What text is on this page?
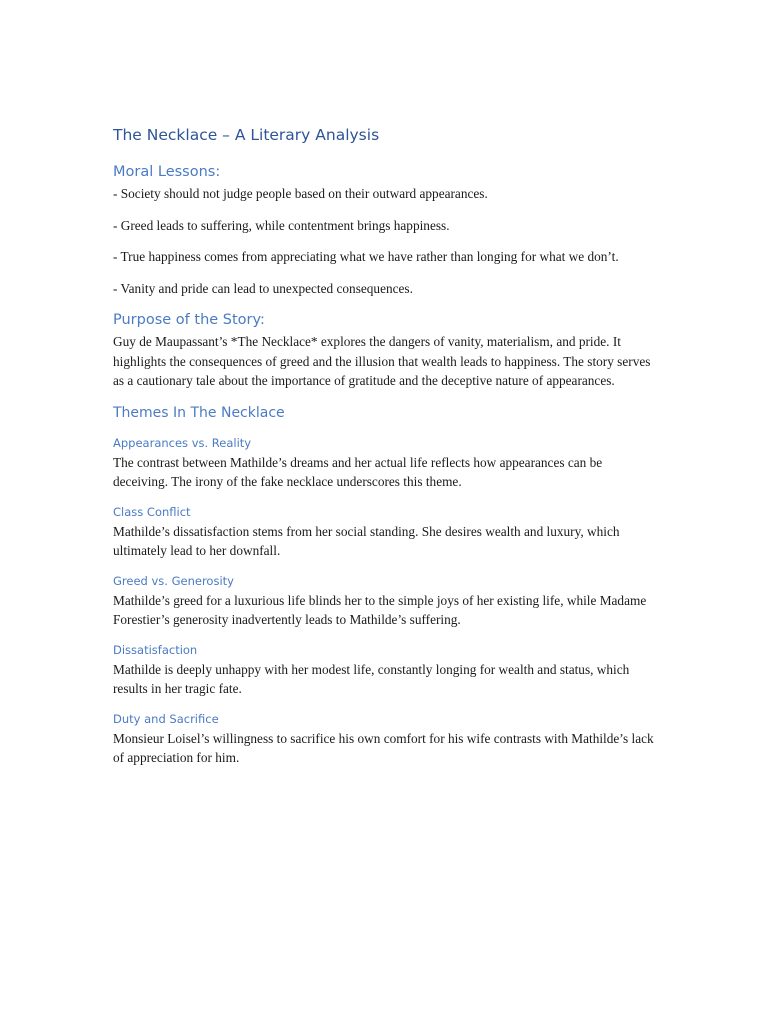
The Necklace – A Literary Analysis
Moral Lessons:

- Society should not judge people based on their outward appearances.

- Greed leads to suffering, while contentment brings happiness.

- True happiness comes from appreciating what we have rather than longing for what we don’t.

- Vanity and pride can lead to unexpected consequences.

Purpose of the Story:

Guy de Maupassant’s *The Necklace* explores the dangers of vanity, materialism, and pride. It highlights the consequences of greed and the illusion that wealth leads to happiness. The story serves as a cautionary tale about the importance of gratitude and the deceptive nature of appearances.

Themes In The Necklace
Appearances vs. Reality

The contrast between Mathilde’s dreams and her actual life reflects how appearances can be deceiving. The irony of the fake necklace underscores this theme.

Class Conflict

Mathilde’s dissatisfaction stems from her social standing. She desires wealth and luxury, which ultimately lead to her downfall.

Greed vs. Generosity

Mathilde’s greed for a luxurious life blinds her to the simple joys of her existing life, while Madame Forestier’s generosity inadvertently leads to Mathilde’s suffering.

Dissatisfaction

Mathilde is deeply unhappy with her modest life, constantly longing for wealth and status, which results in her tragic fate.

Duty and Sacrifice

Monsieur Loisel’s willingness to sacrifice his own comfort for his wife contrasts with Mathilde’s lack of appreciation for him.
